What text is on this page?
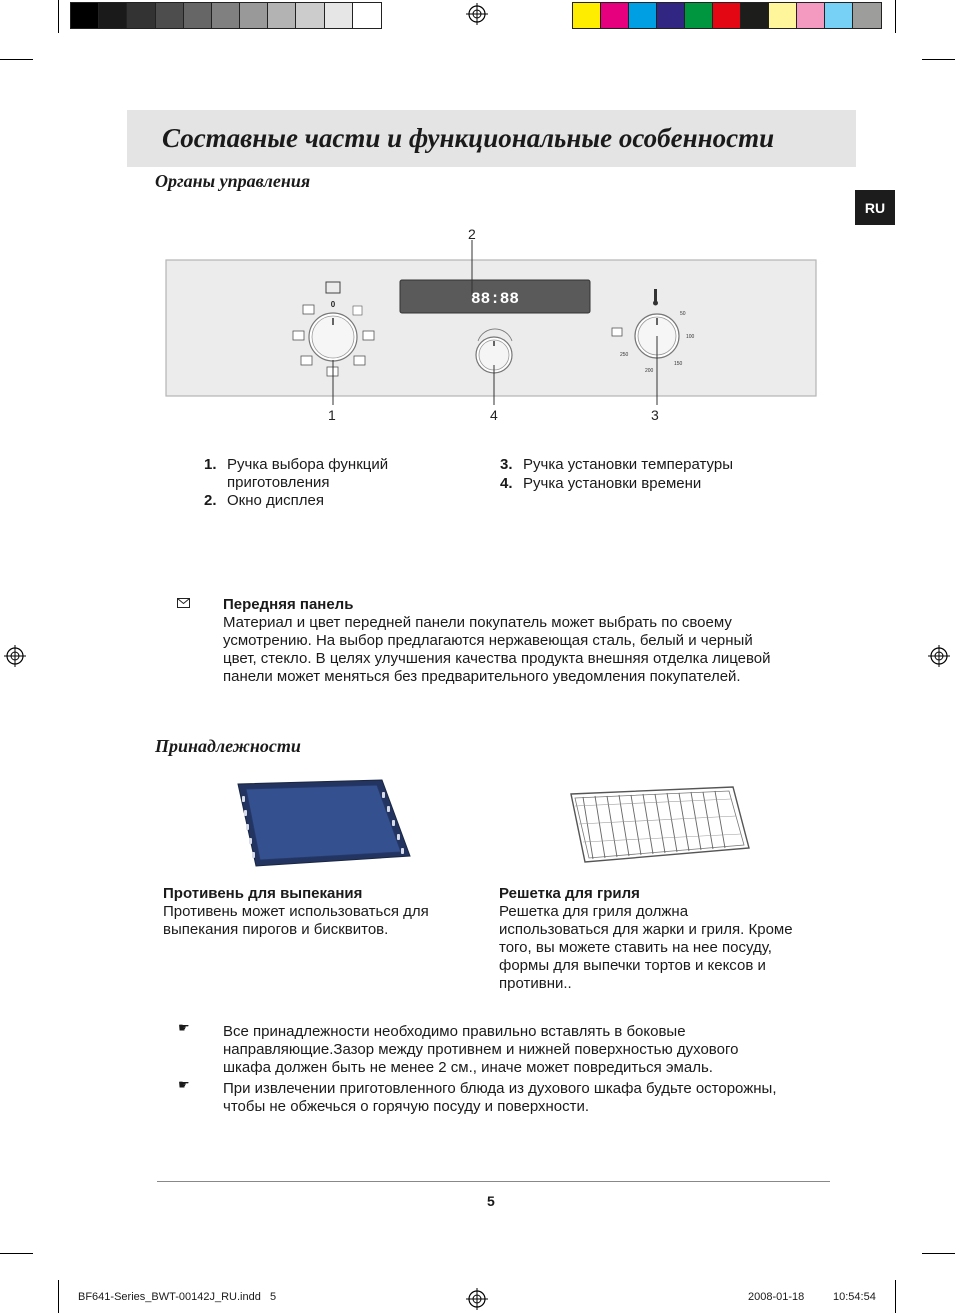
Составные части и функциональные особенности
RU
Органы управления
88:88
0
50
100
150
200
250
2
1	4	3
1. Ручка выбора функций
приготовления
2. Окно дисплея
3. Ручка установки температуры
4. Ручка установки времени
Передняя панель
Материал и цвет передней панели покупатель может выбрать по своему
усмотрению. На выбор предлагаются нержавеющая сталь, белый и черный
цвет, стекло. В целях улучшения качества продукта внешняя отделка лицевой
панели может меняться без предварительного уведомления покупателей.
Принадлежности
Противень для выпекания
Противень может использоваться для
выпекания пирогов и бисквитов.
Решетка для гриля
Решетка для гриля должна
использоваться для жарки и гриля. Кроме
того, вы можете ставить на нее посуду,
формы для выпечки тортов и кексов и
противни..
☛ Все принадлежности необходимо правильно вставлять в боковые
направляющие.Зазор между противнем и нижней поверхностью духового
шкафа должен быть не менее 2 см., иначе может повредиться эмаль.
☛ При извлечении приготовленного блюда из духового шкафа будьте осторожны,
чтобы не обжечься о горячую посуду и поверхности.
5
BF641-Series_BWT-00142J_RU.indd   5	2008-01-18	10:54:54
